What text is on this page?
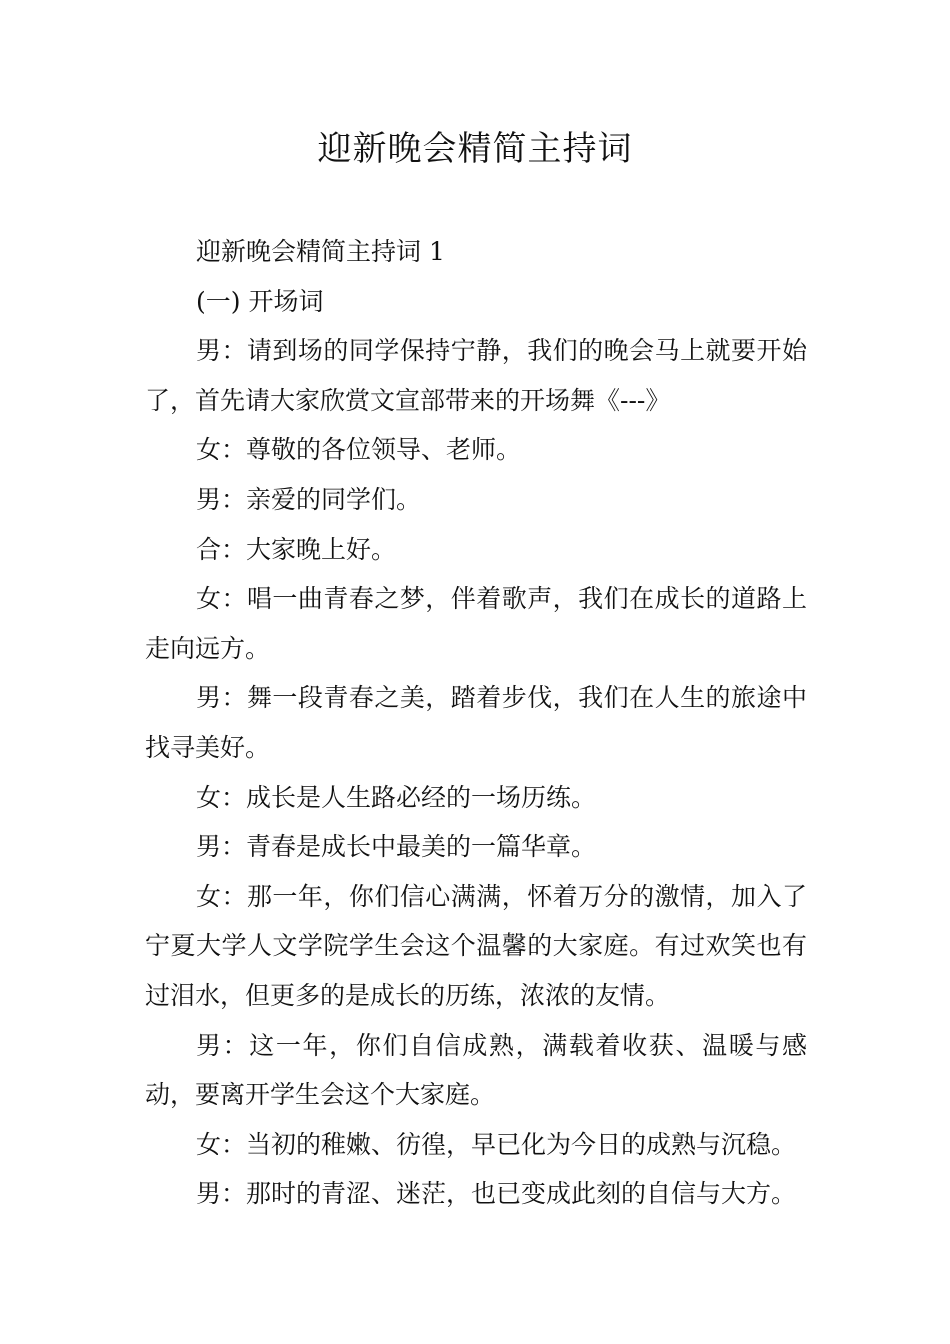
迎新晚会精简主持词

迎新晚会精简主持词 1

(一) 开场词

男：请到场的同学保持宁静，我们的晚会马上就要开始了，首先请大家欣赏文宣部带来的开场舞《---》

女：尊敬的各位领导、老师。

男：亲爱的同学们。

合：大家晚上好。

女：唱一曲青春之梦，伴着歌声，我们在成长的道路上走向远方。

男：舞一段青春之美，踏着步伐，我们在人生的旅途中找寻美好。

女：成长是人生路必经的一场历练。

男：青春是成长中最美的一篇华章。

女：那一年，你们信心满满，怀着万分的激情，加入了宁夏大学人文学院学生会这个温馨的大家庭。有过欢笑也有过泪水，但更多的是成长的历练，浓浓的友情。

男：这一年，你们自信成熟，满载着收获、温暖与感动，要离开学生会这个大家庭。

女：当初的稚嫩、彷徨，早已化为今日的成熟与沉稳。

男：那时的青涩、迷茫，也已变成此刻的自信与大方。
